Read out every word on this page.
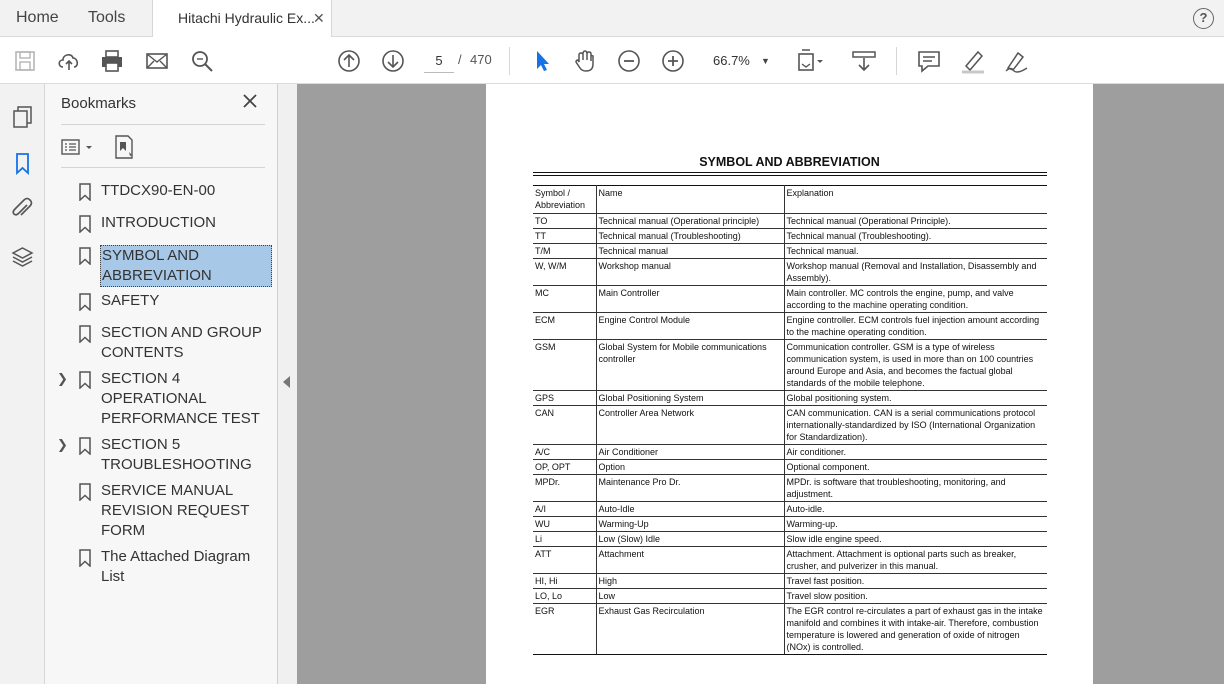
Home Tools	Hitachi Hydraulic Ex...
✕	?
5	/ 470	66.7% ▼
Bookmarks
TTDCX90-EN-00
INTRODUCTION
SYMBOL AND ABBREVIATION
SAFETY
SECTION AND GROUP CONTENTS
❯ SECTION 4 OPERATIONAL PERFORMANCE TEST
❯ SECTION 5 TROUBLESHOOTING
SERVICE MANUAL REVISION REQUEST FORM
The Attached Diagram List
SYMBOL AND ABBREVIATION
Symbol / Abbreviation	Name	Explanation
TO	Technical manual (Operational principle)	Technical manual (Operational Principle).
TT	Technical manual (Troubleshooting)	Technical manual (Troubleshooting).
T/M	Technical manual	Technical manual.
W, W/M	Workshop manual	Workshop manual (Removal and Installation, Disassembly and Assembly).
MC	Main Controller	Main controller. MC controls the engine, pump, and valve according to the machine operating condition.
ECM	Engine Control Module	Engine controller. ECM controls fuel injection amount according to the machine operating condition.
GSM	Global System for Mobile communications controller	Communication controller. GSM is a type of wireless communication system, is used in more than on 100 countries around Europe and Asia, and becomes the factual global standards of the mobile telephone.
GPS	Global Positioning System	Global positioning system.
CAN	Controller Area Network	CAN communication. CAN is a serial communications protocol internationally-standardized by ISO (International Organization for Standardization).
A/C	Air Conditioner	Air conditioner.
OP, OPT	Option	Optional component.
MPDr.	Maintenance Pro Dr.	MPDr. is software that troubleshooting, monitoring, and adjustment.
A/I	Auto-Idle	Auto-idle.
WU	Warming-Up	Warming-up.
Li	Low (Slow) Idle	Slow idle engine speed.
ATT	Attachment	Attachment. Attachment is optional parts such as breaker, crusher, and pulverizer in this manual.
HI, Hi	High	Travel fast position.
LO, Lo	Low	Travel slow position.
EGR	Exhaust Gas Recirculation	The EGR control re-circulates a part of exhaust gas in the intake manifold and combines it with intake-air. Therefore, combustion temperature is lowered and generation of oxide of nitrogen (NOx) is controlled.
